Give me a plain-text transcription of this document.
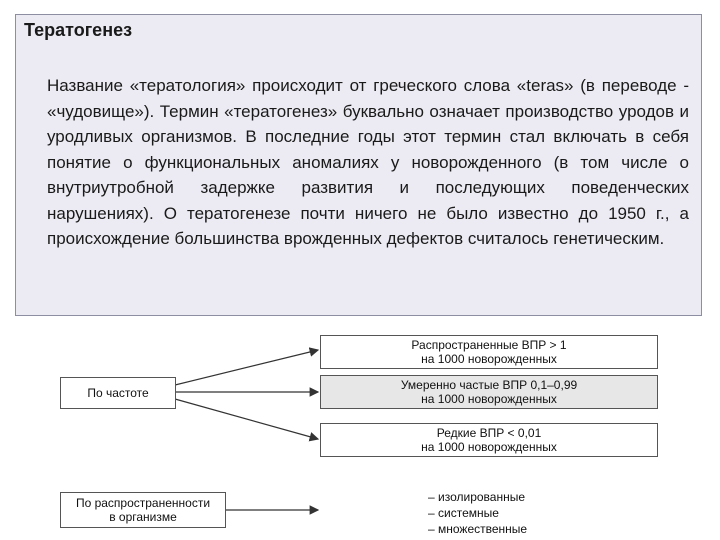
Тератогенез
Название «тератология» происходит от греческого слова «teras» (в переводе - «чудовище»). Термин «тератогенез» буквально означает производство уродов и уродливых организмов. В последние годы этот термин стал включать в себя понятие о функциональных аномалиях у новорожденного (в том числе о внутриутробной задержке развития и последующих поведенческих нарушениях). О тератогенезе почти ничего не было известно до 1950 г., а происхождение большинства врожденных дефектов считалось генетическим.
По частоте
Распространенные ВПР > 1
на 1000 новорожденных
Умеренно частые ВПР 0,1–0,99
на 1000 новорожденных
Редкие ВПР < 0,01
на 1000 новорожденных
По распространенности
в организме
– изолированные
– системные
– множественные
